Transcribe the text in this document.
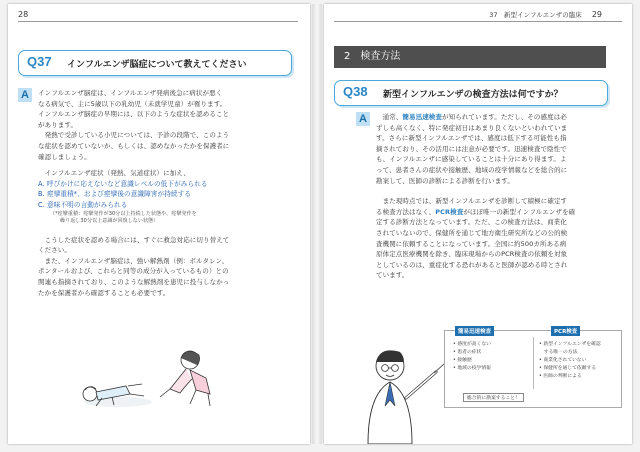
28
Q37 インフルエンザ脳症について教えてください
A	インフルエンザ脳症は、インフルエンザ発病後急に病状が悪く
なる病気で、主に5歳以下の乳幼児（未就学児童）が罹ります。
インフルエンザ脳症の早期には、以下のような症状を認めること
があります。
　発熱で受診している小児については、予診の段階で、このよう
な症状を認めていないか、もしくは、認めなかったかを保護者に
確認しましょう。
　インフルエンザ症状（発熱、気道症状）に加え、
A. 呼びかけに応えないなど意識レベルの低下がみられる
B. 痙攣重積*、および痙攣後の意識障害が持続する
C. 意味不明の言動がみられる
（*痙攣重積：痙攣発作が30分以上持続した状態や、痙攣発作を
繰り返し30分以上意識が回復しない状態）
　こうした症状を認める場合には、すぐに救急対応に切り替えて
ください。
　また、インフルエンザ脳症は、強い解熱剤（例：ボルタレン、
ポンタールおよび、これらと同等の成分が入っているもの）との
関連も指摘されており、このような解熱剤を患児に投与しなかっ
たかを保護者から確認することも必要です。
37　新型インフルエンザの臨床 29
2　検査方法
Q38 新型インフルエンザの検査方法は何ですか？
A	　通常、簡易迅速検査が知られています。ただし、その感度は必
ずしも高くなく、特に発症初日はあまり良くないといわれていま
す。さらに新型インフルエンザでは、感度は低下する可能性も指
摘されており、その活用には注意が必要です。迅速検査で陰性で
も、インフルエンザに感染していることは十分にあり得ます。よ
って、患者さんの症状や接触歴、地域の疫学情報などを総合的に
勘案して、医師の診断による診断を行います。
　また現時点では、新型インフルエンザを診断して積極に確定す
る検査方法はなく、PCR検査がほぼ唯一の新型インフルエンザを確
定する診断方法となっています。ただ、この検査方法は、商業化
されていないので、保健所を通じて地方衛生研究所などの公的検
査機関に依頼することになっています。全国に約500カ所ある病
原体定点医療機関を除き、臨床現場からのPCR検査の依頼を対象
としているのは、重症化する恐れがあると医師が認める時とされ
ています。
簡易迅速検査	PCR検査
• 感度が高くない
• 患者の症状
• 接触歴
• 地域の疫学情報
• 新型インフルエンザを確認
　する唯一の方法
• 商業化されていない
• 保健所を通じて依頼する
• 医師の判断による
総合的に勘案すること！
